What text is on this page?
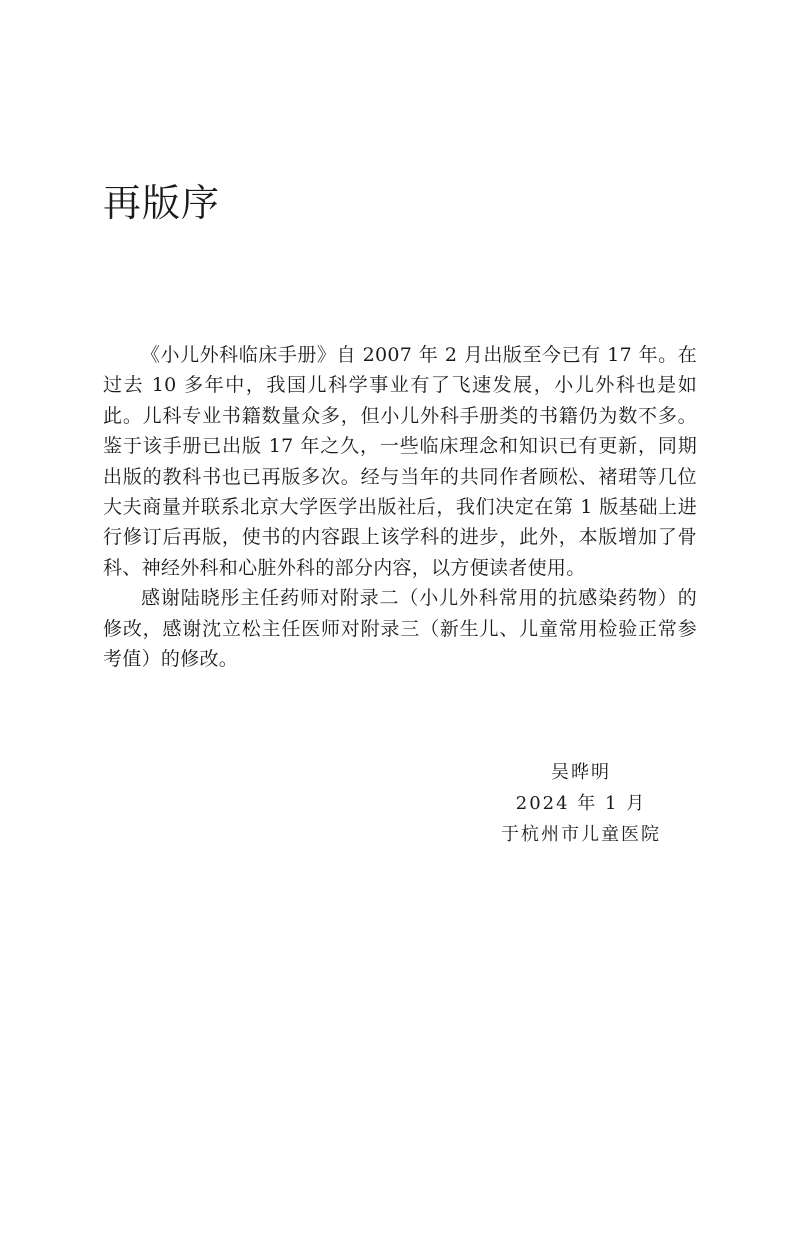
再版序

《小儿外科临床手册》自 2007 年 2 月出版至今已有 17 年。在过去 10 多年中，我国儿科学事业有了飞速发展，小儿外科也是如此。儿科专业书籍数量众多，但小儿外科手册类的书籍仍为数不多。鉴于该手册已出版 17 年之久，一些临床理念和知识已有更新，同期出版的教科书也已再版多次。经与当年的共同作者顾松、褚珺等几位大夫商量并联系北京大学医学出版社后，我们决定在第 1 版基础上进行修订后再版，使书的内容跟上该学科的进步，此外，本版增加了骨科、神经外科和心脏外科的部分内容，以方便读者使用。

感谢陆晓彤主任药师对附录二（小儿外科常用的抗感染药物）的修改，感谢沈立松主任医师对附录三（新生儿、儿童常用检验正常参考值）的修改。

吴晔明
2024 年 1 月
于杭州市儿童医院
